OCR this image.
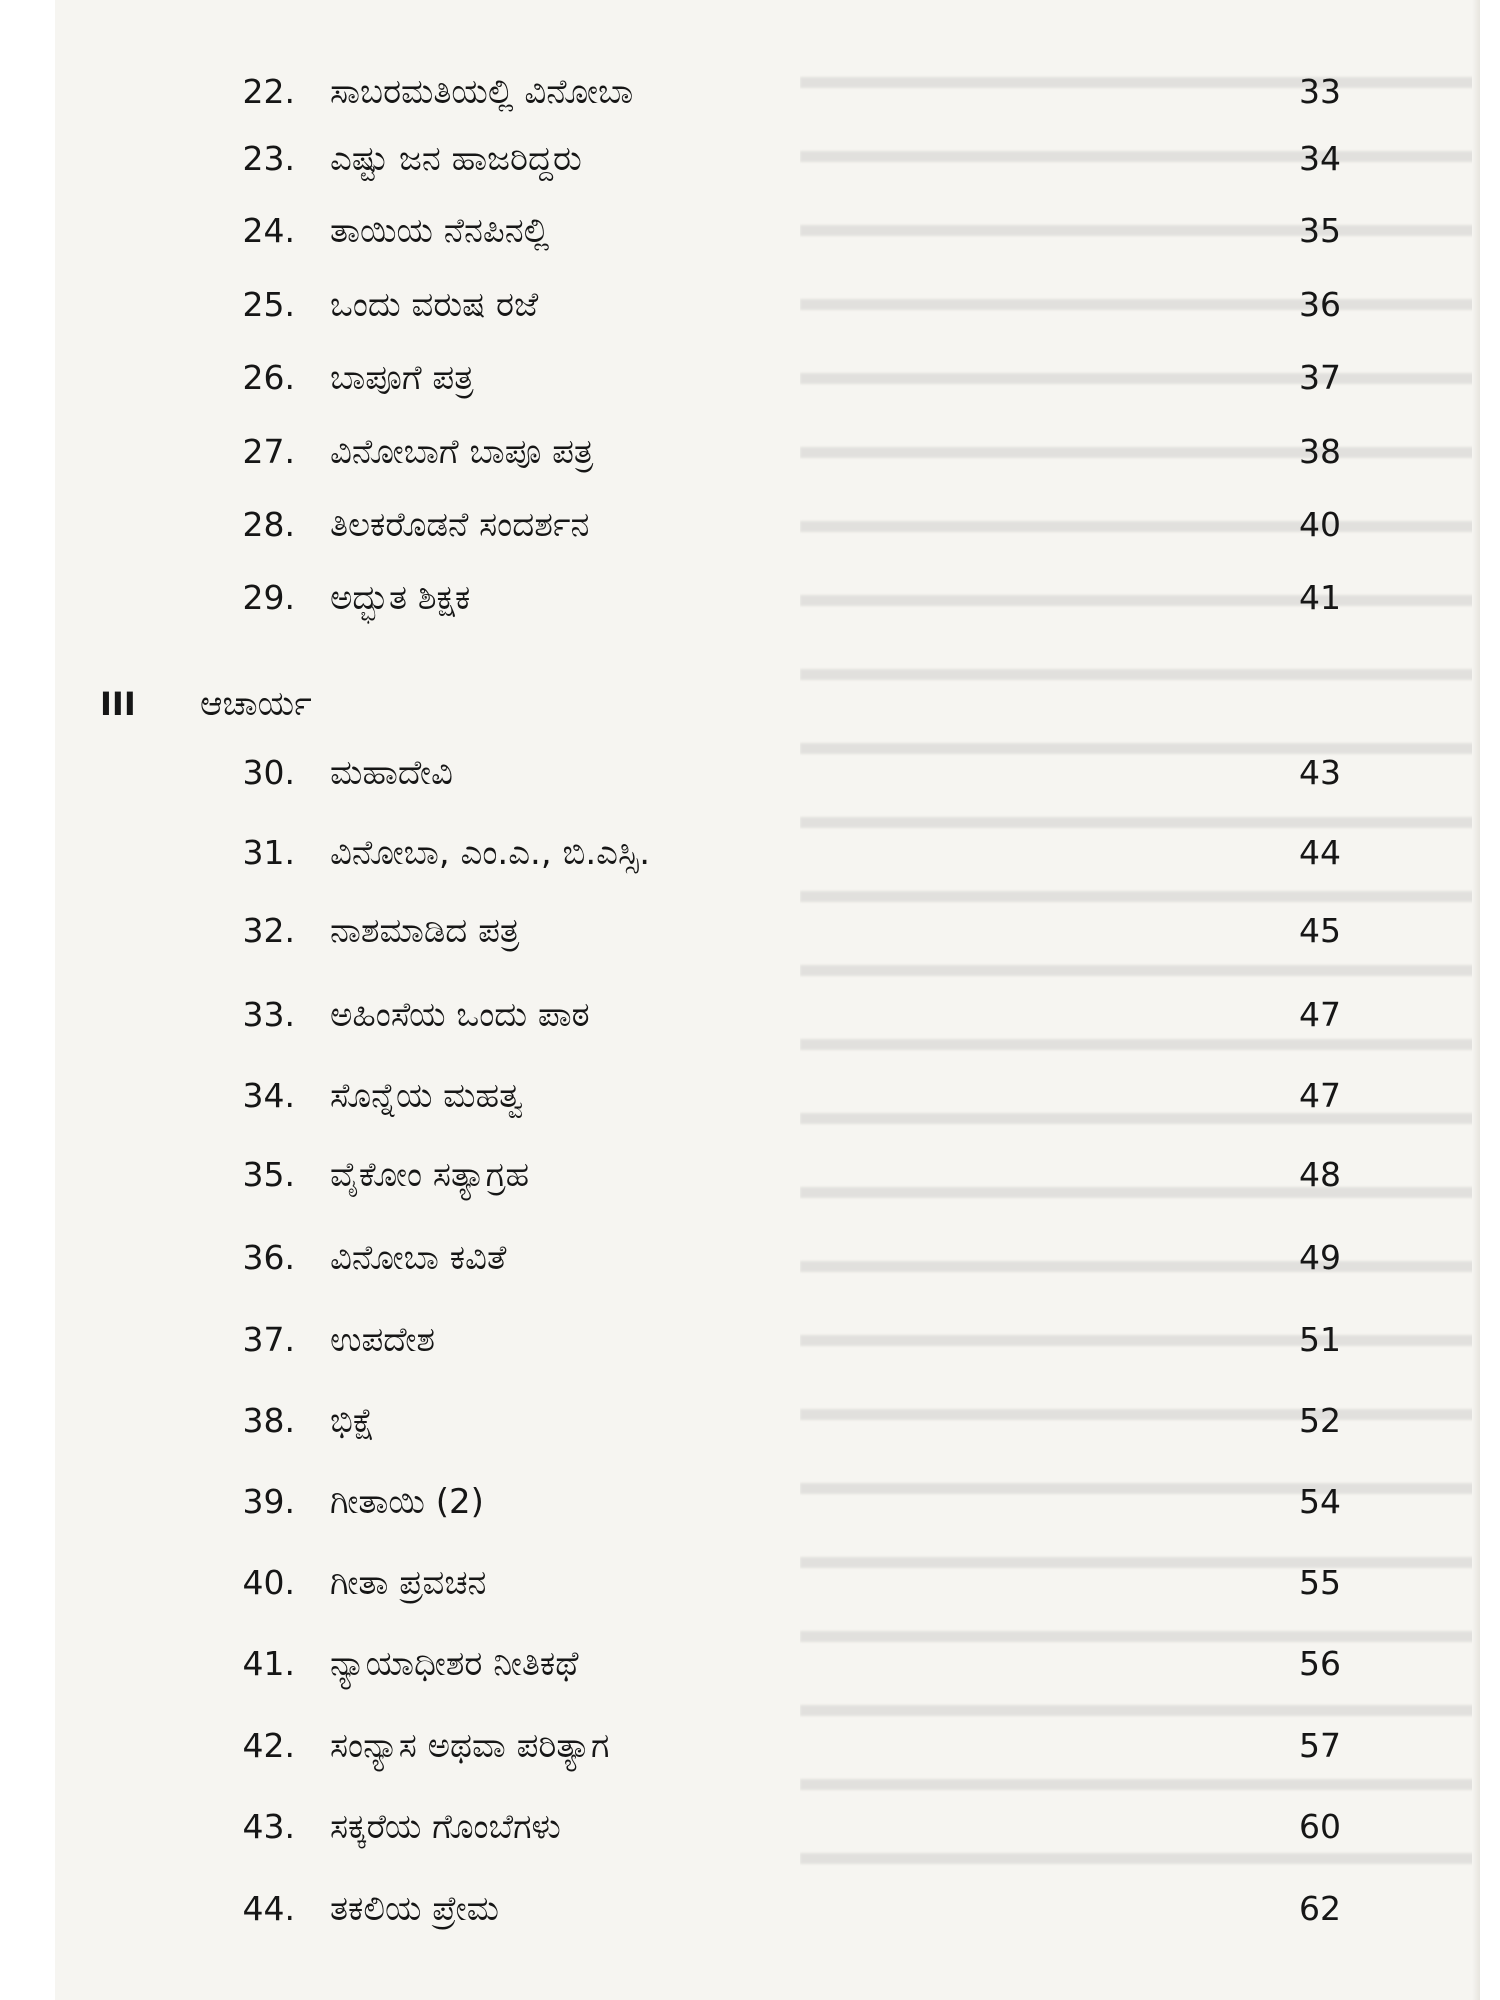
22. ಸಾಬರಮತಿಯಲ್ಲಿ ವಿನೋಬಾ	33
23. ಎಷ್ಟು ಜನ ಹಾಜರಿದ್ದರು	34
24. ತಾಯಿಯ ನೆನಪಿನಲ್ಲಿ	35
25. ಒಂದು ವರುಷ ರಜೆ	36
26. ಬಾಪೂಗೆ ಪತ್ರ	37
27. ವಿನೋಬಾಗೆ ಬಾಪೂ ಪತ್ರ	38
28. ತಿಲಕರೊಡನೆ ಸಂದರ್ಶನ	40
29. ಅದ್ಭುತ ಶಿಕ್ಷಕ	41
III ಆಚಾರ್ಯ
30. ಮಹಾದೇವಿ	43
31. ವಿನೋಬಾ, ಎಂ.ಎ., ಬಿ.ಎಸ್ಸಿ.	44
32. ನಾಶಮಾಡಿದ ಪತ್ರ	45
33. ಅಹಿಂಸೆಯ ಒಂದು ಪಾಠ	47
34. ಸೊನ್ನೆಯ ಮಹತ್ವ	47
35. ವೈಕೋಂ ಸತ್ಯಾಗ್ರಹ	48
36. ವಿನೋಬಾ ಕವಿತೆ	49
37. ಉಪದೇಶ	51
38. ಭಿಕ್ಷೆ	52
39. ಗೀತಾಯಿ (2)	54
40. ಗೀತಾ ಪ್ರವಚನ	55
41. ನ್ಯಾಯಾಧೀಶರ ನೀತಿಕಥೆ	56
42. ಸಂನ್ಯಾಸ ಅಥವಾ ಪರಿತ್ಯಾಗ	57
43. ಸಕ್ಕರೆಯ ಗೊಂಬೆಗಳು	60
44. ತಕಲಿಯ ಪ್ರೇಮ	62
